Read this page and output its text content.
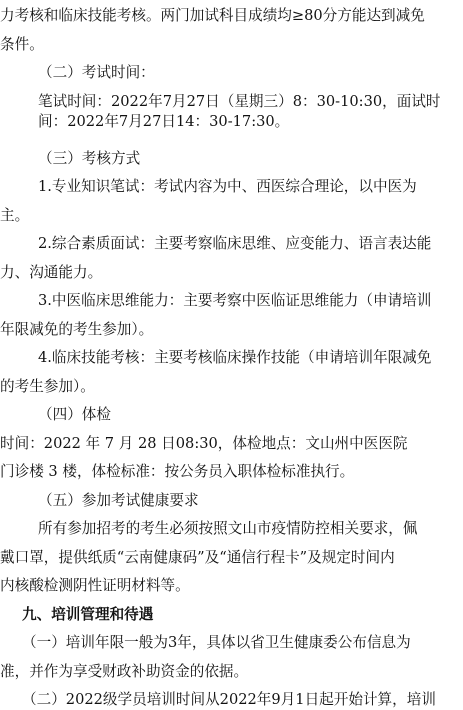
力考核和临床技能考核。两门加试科目成绩均≥80分方能达到减免
条件。
（二）考试时间：
笔试时间：2022年7月27日（星期三）8：30-10:30，面试时间：2022年7月27日14：30-17:30。
（三）考核方式
1.专业知识笔试：考试内容为中、西医综合理论，以中医为
主。
2.综合素质面试：主要考察临床思维、应变能力、语言表达能
力、沟通能力。
3.中医临床思维能力：主要考察中医临证思维能力（申请培训
年限减免的考生参加）。
4.临床技能考核：主要考核临床操作技能（申请培训年限减免
的考生参加）。
（四）体检
时间：2022 年 7 月 28 日08:30，体检地点：文山州中医医院
门诊楼 3 楼，体检标准：按公务员入职体检标准执行。
（五）参加考试健康要求
所有参加招考的考生必须按照文山市疫情防控相关要求，佩
戴口罩，提供纸质“云南健康码”及“通信行程卡”及规定时间内
内核酸检测阴性证明材料等。
九、培训管理和待遇
（一）培训年限一般为3年，具体以省卫生健康委公布信息为
准，并作为享受财政补助资金的依据。
（二）2022级学员培训时间从2022年9月1日起开始计算，培训
